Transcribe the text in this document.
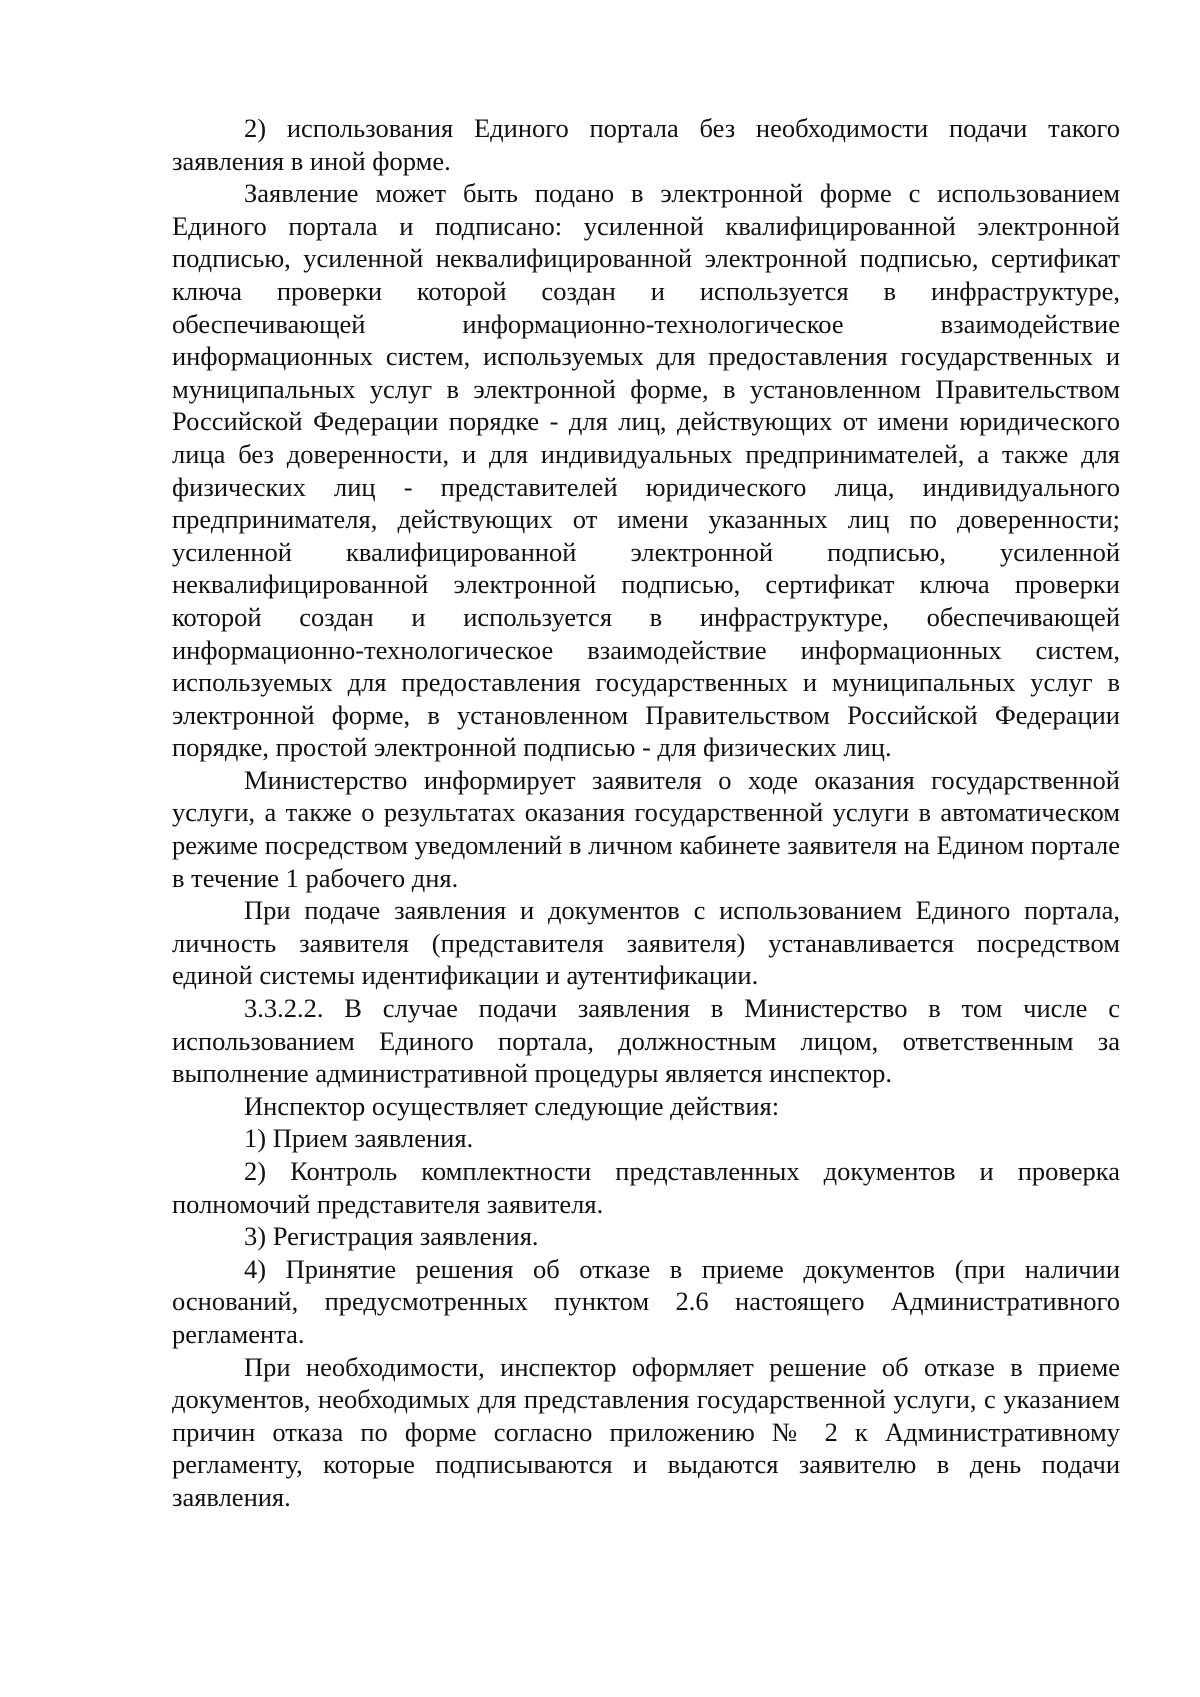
2) использования Единого портала без необходимости подачи такого заявления в иной форме.

Заявление может быть подано в электронной форме с использованием Единого портала и подписано: усиленной квалифицированной электронной подписью, усиленной неквалифицированной электронной подписью, сертификат ключа проверки которой создан и используется в инфраструктуре, обеспечивающей информационно-технологическое взаимодействие информационных систем, используемых для предоставления государственных и муниципальных услуг в электронной форме, в установленном Правительством Российской Федерации порядке - для лиц, действующих от имени юридического лица без доверенности, и для индивидуальных предпринимателей, а также для физических лиц - представителей юридического лица, индивидуального предпринимателя, действующих от имени указанных лиц по доверенности; усиленной квалифицированной электронной подписью, усиленной неквалифицированной электронной подписью, сертификат ключа проверки которой создан и используется в инфраструктуре, обеспечивающей информационно-технологическое взаимодействие информационных систем, используемых для предоставления государственных и муниципальных услуг в электронной форме, в установленном Правительством Российской Федерации порядке, простой электронной подписью - для физических лиц.

Министерство информирует заявителя о ходе оказания государственной услуги, а также о результатах оказания государственной услуги в автоматическом режиме посредством уведомлений в личном кабинете заявителя на Едином портале в течение 1 рабочего дня.

При подаче заявления и документов с использованием Единого портала, личность заявителя (представителя заявителя) устанавливается посредством единой системы идентификации и аутентификации.

3.3.2.2. В случае подачи заявления в Министерство в том числе с использованием Единого портала, должностным лицом, ответственным за выполнение административной процедуры является инспектор.

Инспектор осуществляет следующие действия:

1) Прием заявления.

2) Контроль комплектности представленных документов и проверка полномочий представителя заявителя.

3) Регистрация заявления.

4) Принятие решения об отказе в приеме документов (при наличии оснований, предусмотренных пунктом 2.6 настоящего Административного регламента.

При необходимости, инспектор оформляет решение об отказе в приеме документов, необходимых для представления государственной услуги, с указанием причин отказа по форме согласно приложению № 2 к Административному регламенту, которые подписываются и выдаются заявителю в день подачи заявления.
